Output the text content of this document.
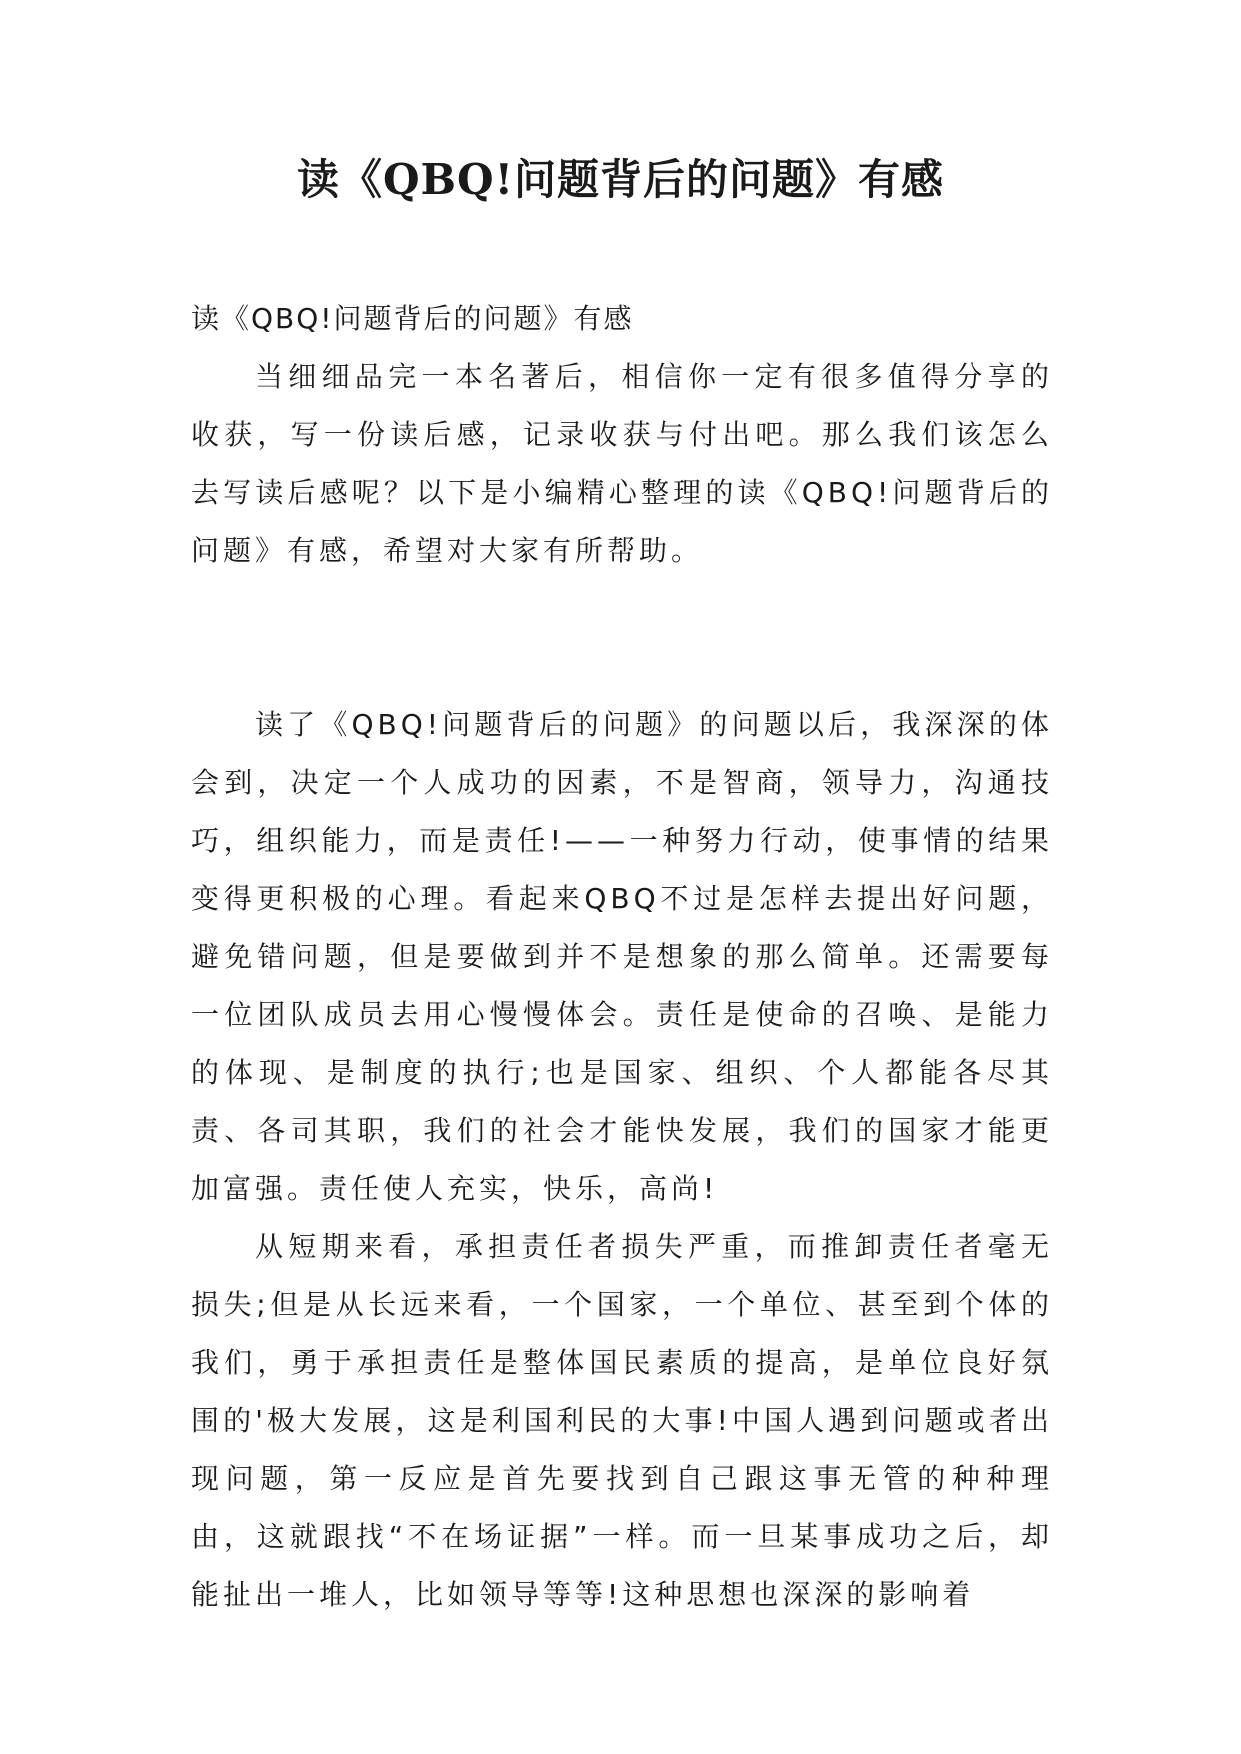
读《QBQ!问题背后的问题》有感

读《QBQ!问题背后的问题》有感

当细细品完一本名著后，相信你一定有很多值得分享的收获，写一份读后感，记录收获与付出吧。那么我们该怎么去写读后感呢？以下是小编精心整理的读《QBQ!问题背后的问题》有感，希望对大家有所帮助。

读了《QBQ!问题背后的问题》的问题以后，我深深的体会到，决定一个人成功的因素，不是智商，领导力，沟通技巧，组织能力，而是责任!——一种努力行动，使事情的结果变得更积极的心理。看起来QBQ不过是怎样去提出好问题，避免错问题，但是要做到并不是想象的那么简单。还需要每一位团队成员去用心慢慢体会。责任是使命的召唤、是能力的体现、是制度的执行;也是国家、组织、个人都能各尽其责、各司其职，我们的社会才能快发展，我们的国家才能更加富强。责任使人充实，快乐，高尚!

从短期来看，承担责任者损失严重，而推卸责任者毫无损失;但是从长远来看，一个国家，一个单位、甚至到个体的我们，勇于承担责任是整体国民素质的提高，是单位良好氛围的'极大发展，这是利国利民的大事!中国人遇到问题或者出现问题，第一反应是首先要找到自己跟这事无管的种种理由，这就跟找“不在场证据”一样。而一旦某事成功之后，却能扯出一堆人，比如领导等等!这种思想也深深的影响着
